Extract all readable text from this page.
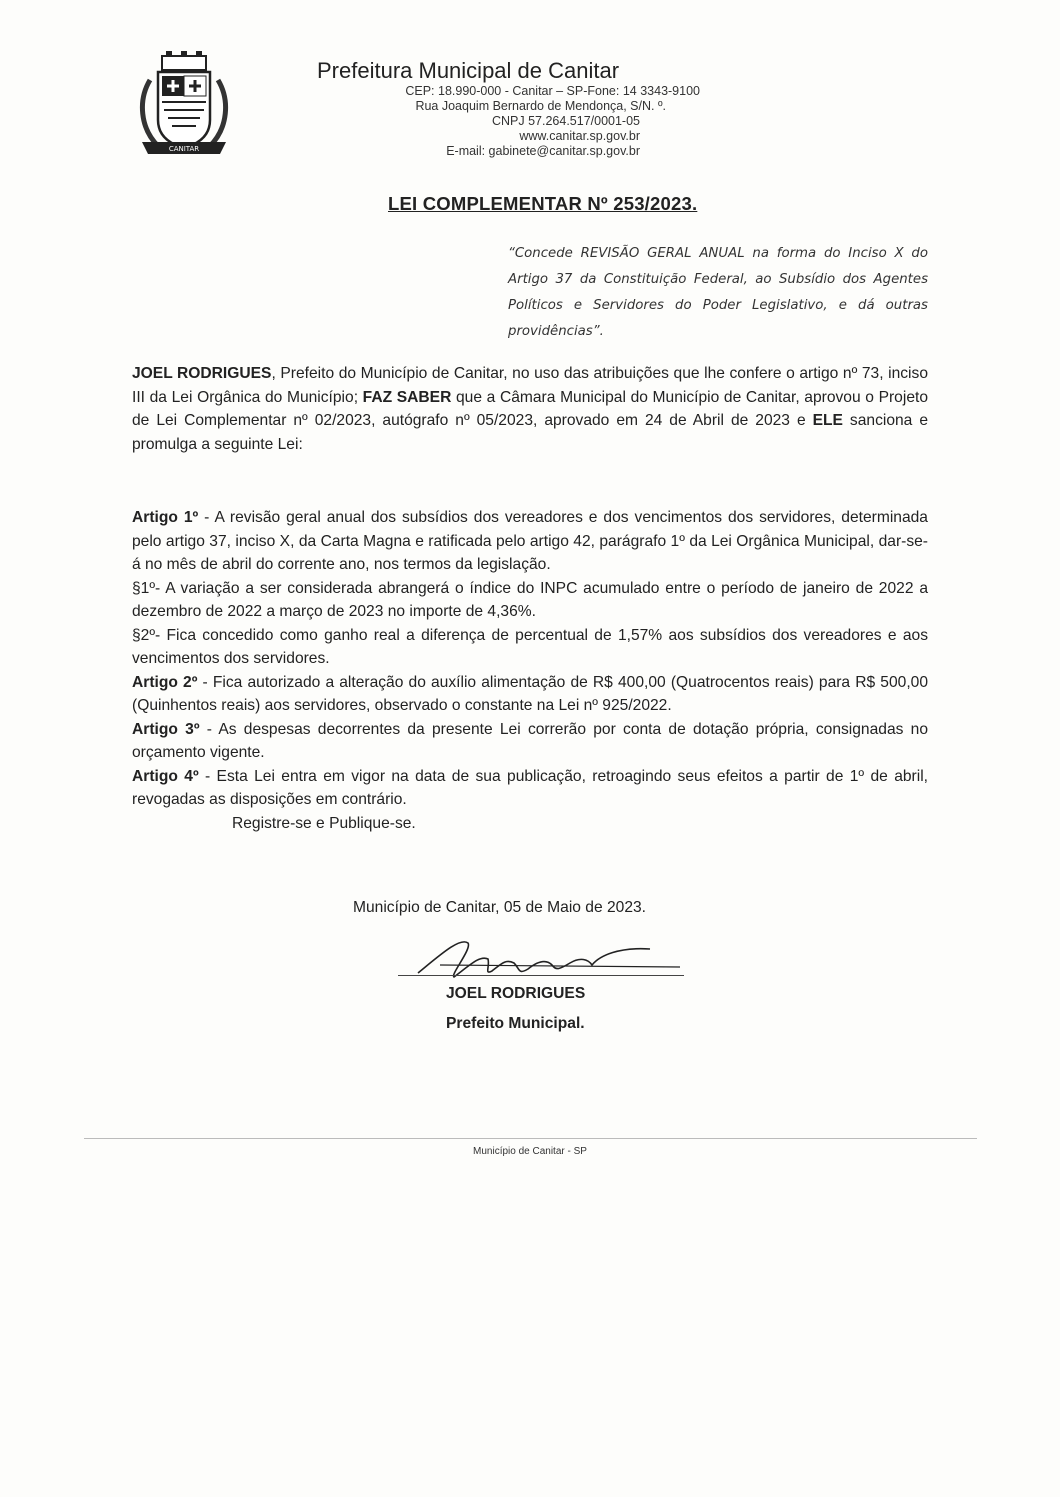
CANITAR
Prefeitura Municipal de Canitar
CEP: 18.990-000 - Canitar – SP-Fone: 14 3343-9100
Rua Joaquim Bernardo de Mendonça, S/N. º.
CNPJ 57.264.517/0001-05
www.canitar.sp.gov.br
E-mail: gabinete@canitar.sp.gov.br
LEI COMPLEMENTAR Nº 253/2023.
“Concede REVISÃO GERAL ANUAL na forma do Inciso X do Artigo 37 da Constituição Federal, ao Subsídio dos Agentes Políticos e Servidores do Poder Legislativo, e dá outras providências”.

JOEL RODRIGUES, Prefeito do Município de Canitar, no uso das atribuições que lhe confere o artigo nº 73, inciso III da Lei Orgânica do Município; FAZ SABER que a Câmara Municipal do Município de Canitar, aprovou o Projeto de Lei Complementar nº 02/2023, autógrafo nº 05/2023, aprovado em 24 de Abril de 2023 e ELE sanciona e promulga a seguinte Lei:

Artigo 1º - A revisão geral anual dos subsídios dos vereadores e dos vencimentos dos servidores, determinada pelo artigo 37, inciso X, da Carta Magna e ratificada pelo artigo 42, parágrafo 1º da Lei Orgânica Municipal, dar-se-á no mês de abril do corrente ano, nos termos da legislação.

§1º- A variação a ser considerada abrangerá o índice do INPC acumulado entre o período de janeiro de 2022 a dezembro de 2022 a março de 2023 no importe de 4,36%.

§2º- Fica concedido como ganho real a diferença de percentual de 1,57% aos subsídios dos vereadores e aos vencimentos dos servidores.

Artigo 2º - Fica autorizado a alteração do auxílio alimentação de R$ 400,00 (Quatrocentos reais) para R$ 500,00 (Quinhentos reais) aos servidores, observado o constante na Lei nº 925/2022.

Artigo 3º - As despesas decorrentes da presente Lei correrão por conta de dotação própria, consignadas no orçamento vigente.

Artigo 4º - Esta Lei entra em vigor na data de sua publicação, retroagindo seus efeitos a partir de 1º de abril, revogadas as disposições em contrário.

Registre-se e Publique-se.

Município de Canitar, 05 de Maio de 2023.
JOEL RODRIGUES
Prefeito Municipal.
Município de Canitar - SP
